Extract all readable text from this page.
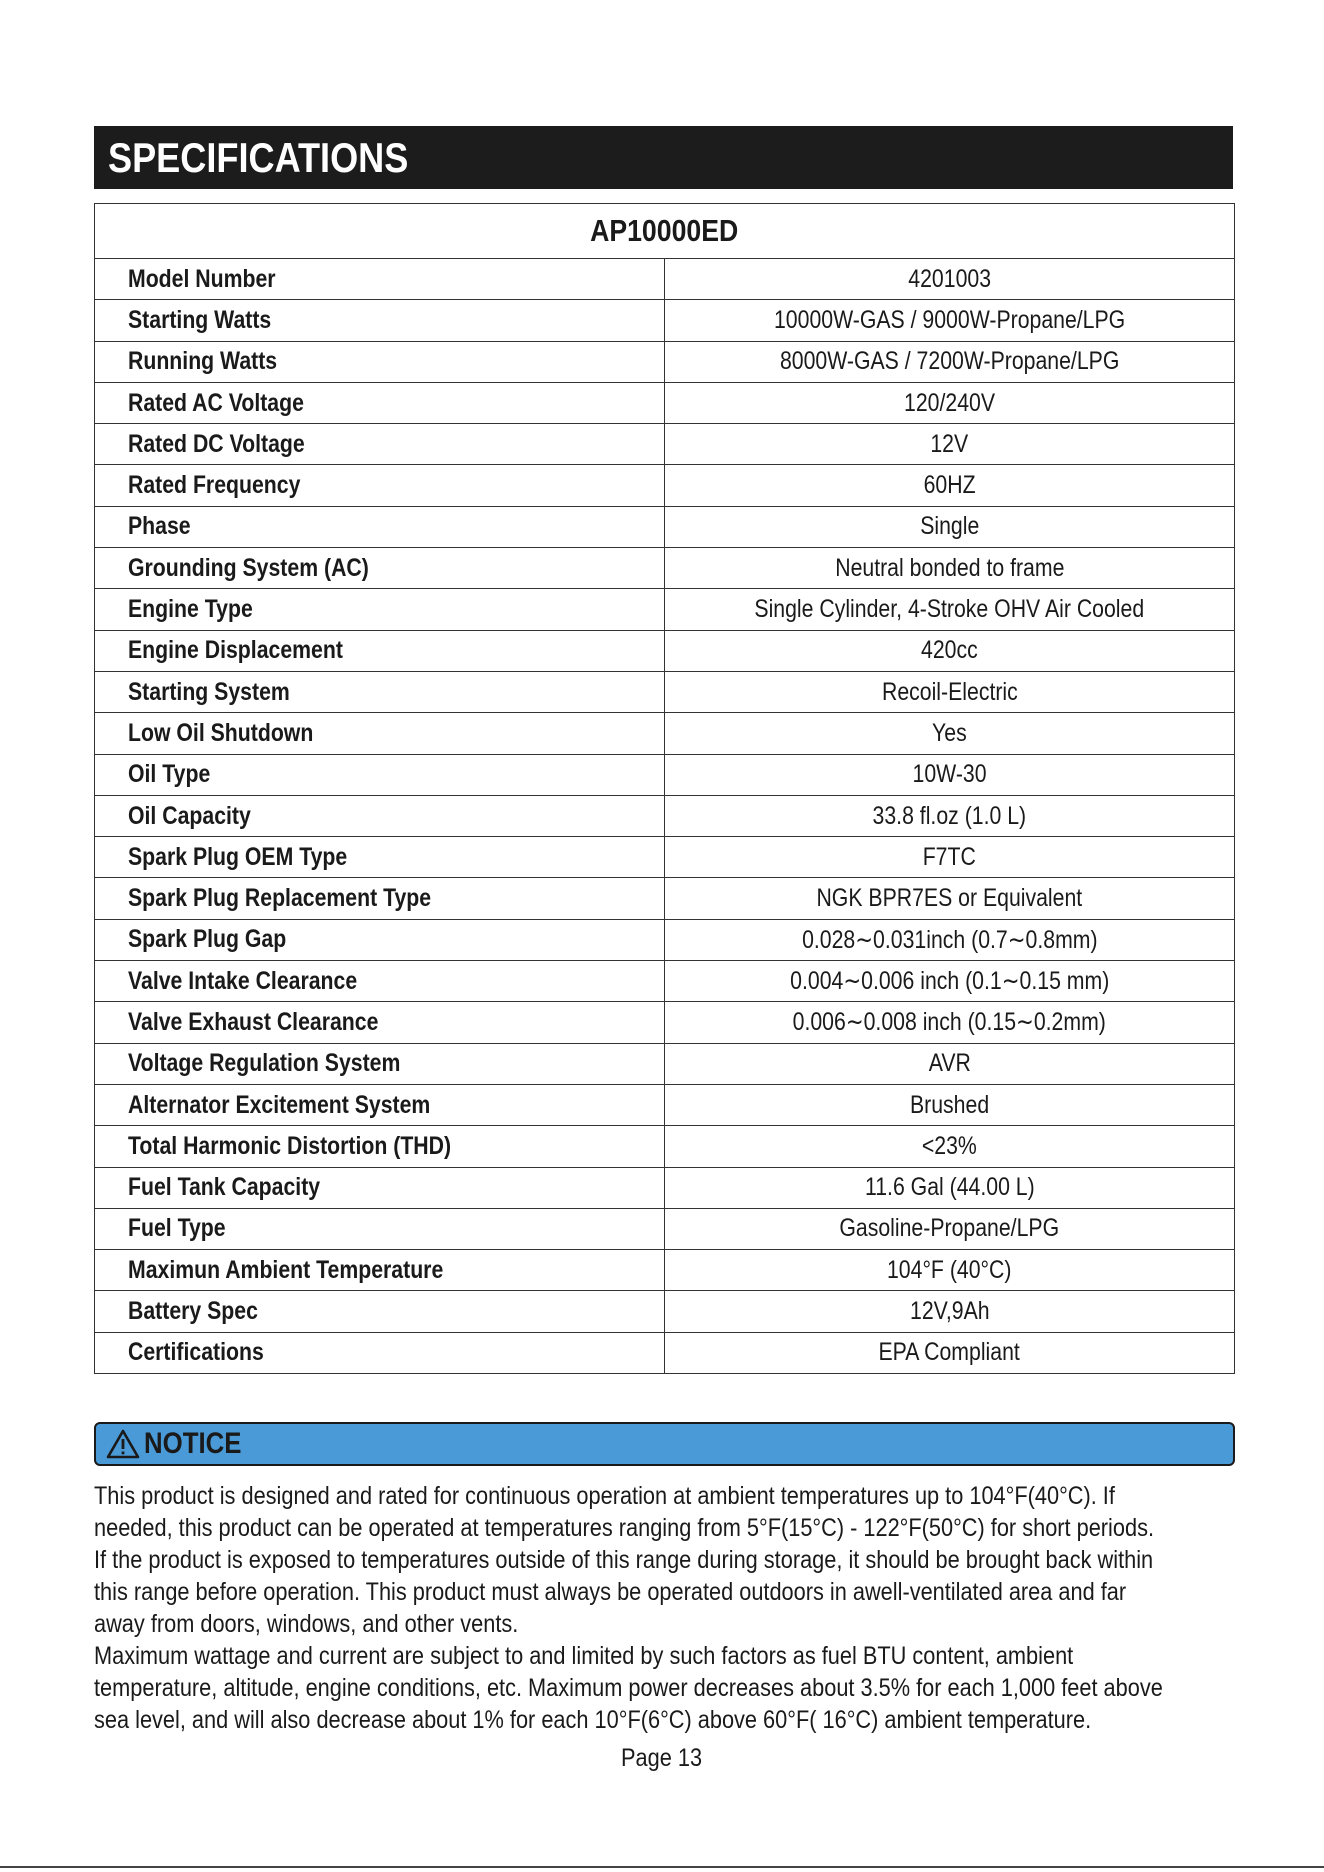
SPECIFICATIONS
AP10000ED	
Model Number	4201003
Starting Watts	10000W-GAS / 9000W-Propane/LPG
Running Watts	8000W-GAS / 7200W-Propane/LPG
Rated AC Voltage	120/240V
Rated DC Voltage	12V
Rated Frequency	60HZ
Phase	Single
Grounding System (AC)	Neutral bonded to frame
Engine Type	Single Cylinder, 4-Stroke OHV Air Cooled
Engine Displacement	420cc
Starting System	Recoil-Electric
Low Oil Shutdown	Yes
Oil Type	10W-30
Oil Capacity	33.8 fl.oz (1.0 L)
Spark Plug OEM Type	F7TC
Spark Plug Replacement Type	NGK BPR7ES or Equivalent
Spark Plug Gap	0.028∼0.031inch (0.7∼0.8mm)
Valve Intake Clearance	0.004∼0.006 inch (0.1∼0.15 mm)
Valve Exhaust Clearance	0.006∼0.008 inch (0.15∼0.2mm)
Voltage Regulation System	AVR
Alternator Excitement System	Brushed
Total Harmonic Distortion (THD)	<23%
Fuel Tank Capacity	11.6 Gal (44.00 L)
Fuel Type	Gasoline-Propane/LPG
Maximun Ambient Temperature	104°F (40°C)
Battery Spec	12V,9Ah
Certifications	EPA Compliant
NOTICE

This product is designed and rated for continuous operation at ambient temperatures up to 104°F(40°C). If
needed, this product can be operated at temperatures ranging from 5°F(15°C) - 122°F(50°C) for short periods.
If the product is exposed to temperatures outside of this range during storage, it should be brought back within
this range before operation. This product must always be operated outdoors in awell-ventilated area and far
away from doors, windows, and other vents.

Maximum wattage and current are subject to and limited by such factors as fuel BTU content, ambient
temperature, altitude, engine conditions, etc. Maximum power decreases about 3.5% for each 1,000 feet above
sea level, and will also decrease about 1% for each 10°F(6°C) above 60°F( 16°C) ambient temperature.

Page 13
